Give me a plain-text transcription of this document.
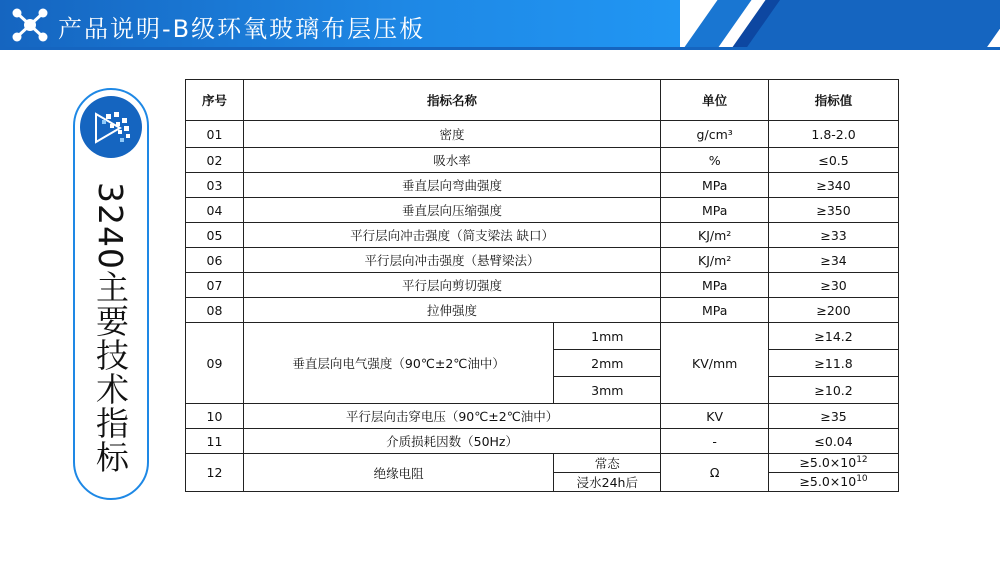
产品说明-B级环氧玻璃布层压板
3240主要技术指标
序号	指标名称		单位	指标值
01	密度		g/cm³	1.8-2.0
02	吸水率		%	≤0.5
03	垂直层向弯曲强度		MPa	≥340
04	垂直层向压缩强度		MPa	≥350
05	平行层向冲击强度（简支梁法 缺口）		KJ/m²	≥33
06	平行层向冲击强度（悬臂梁法）		KJ/m²	≥34
07	平行层向剪切强度		MPa	≥30
08	拉伸强度		MPa	≥200
09	垂直层向电气强度（90℃±2℃油中）	1mm	KV/mm	≥14.2
		2mm		≥11.8
		3mm		≥10.2
10	平行层向击穿电压（90℃±2℃油中）		KV	≥35
11	介质损耗因数（50Hz）		-	≤0.04
12	绝缘电阻	常态	Ω	$\ge 5.0\times 10^{12}$
		浸水24h后		$\ge 5.0\times 10^{10}$
